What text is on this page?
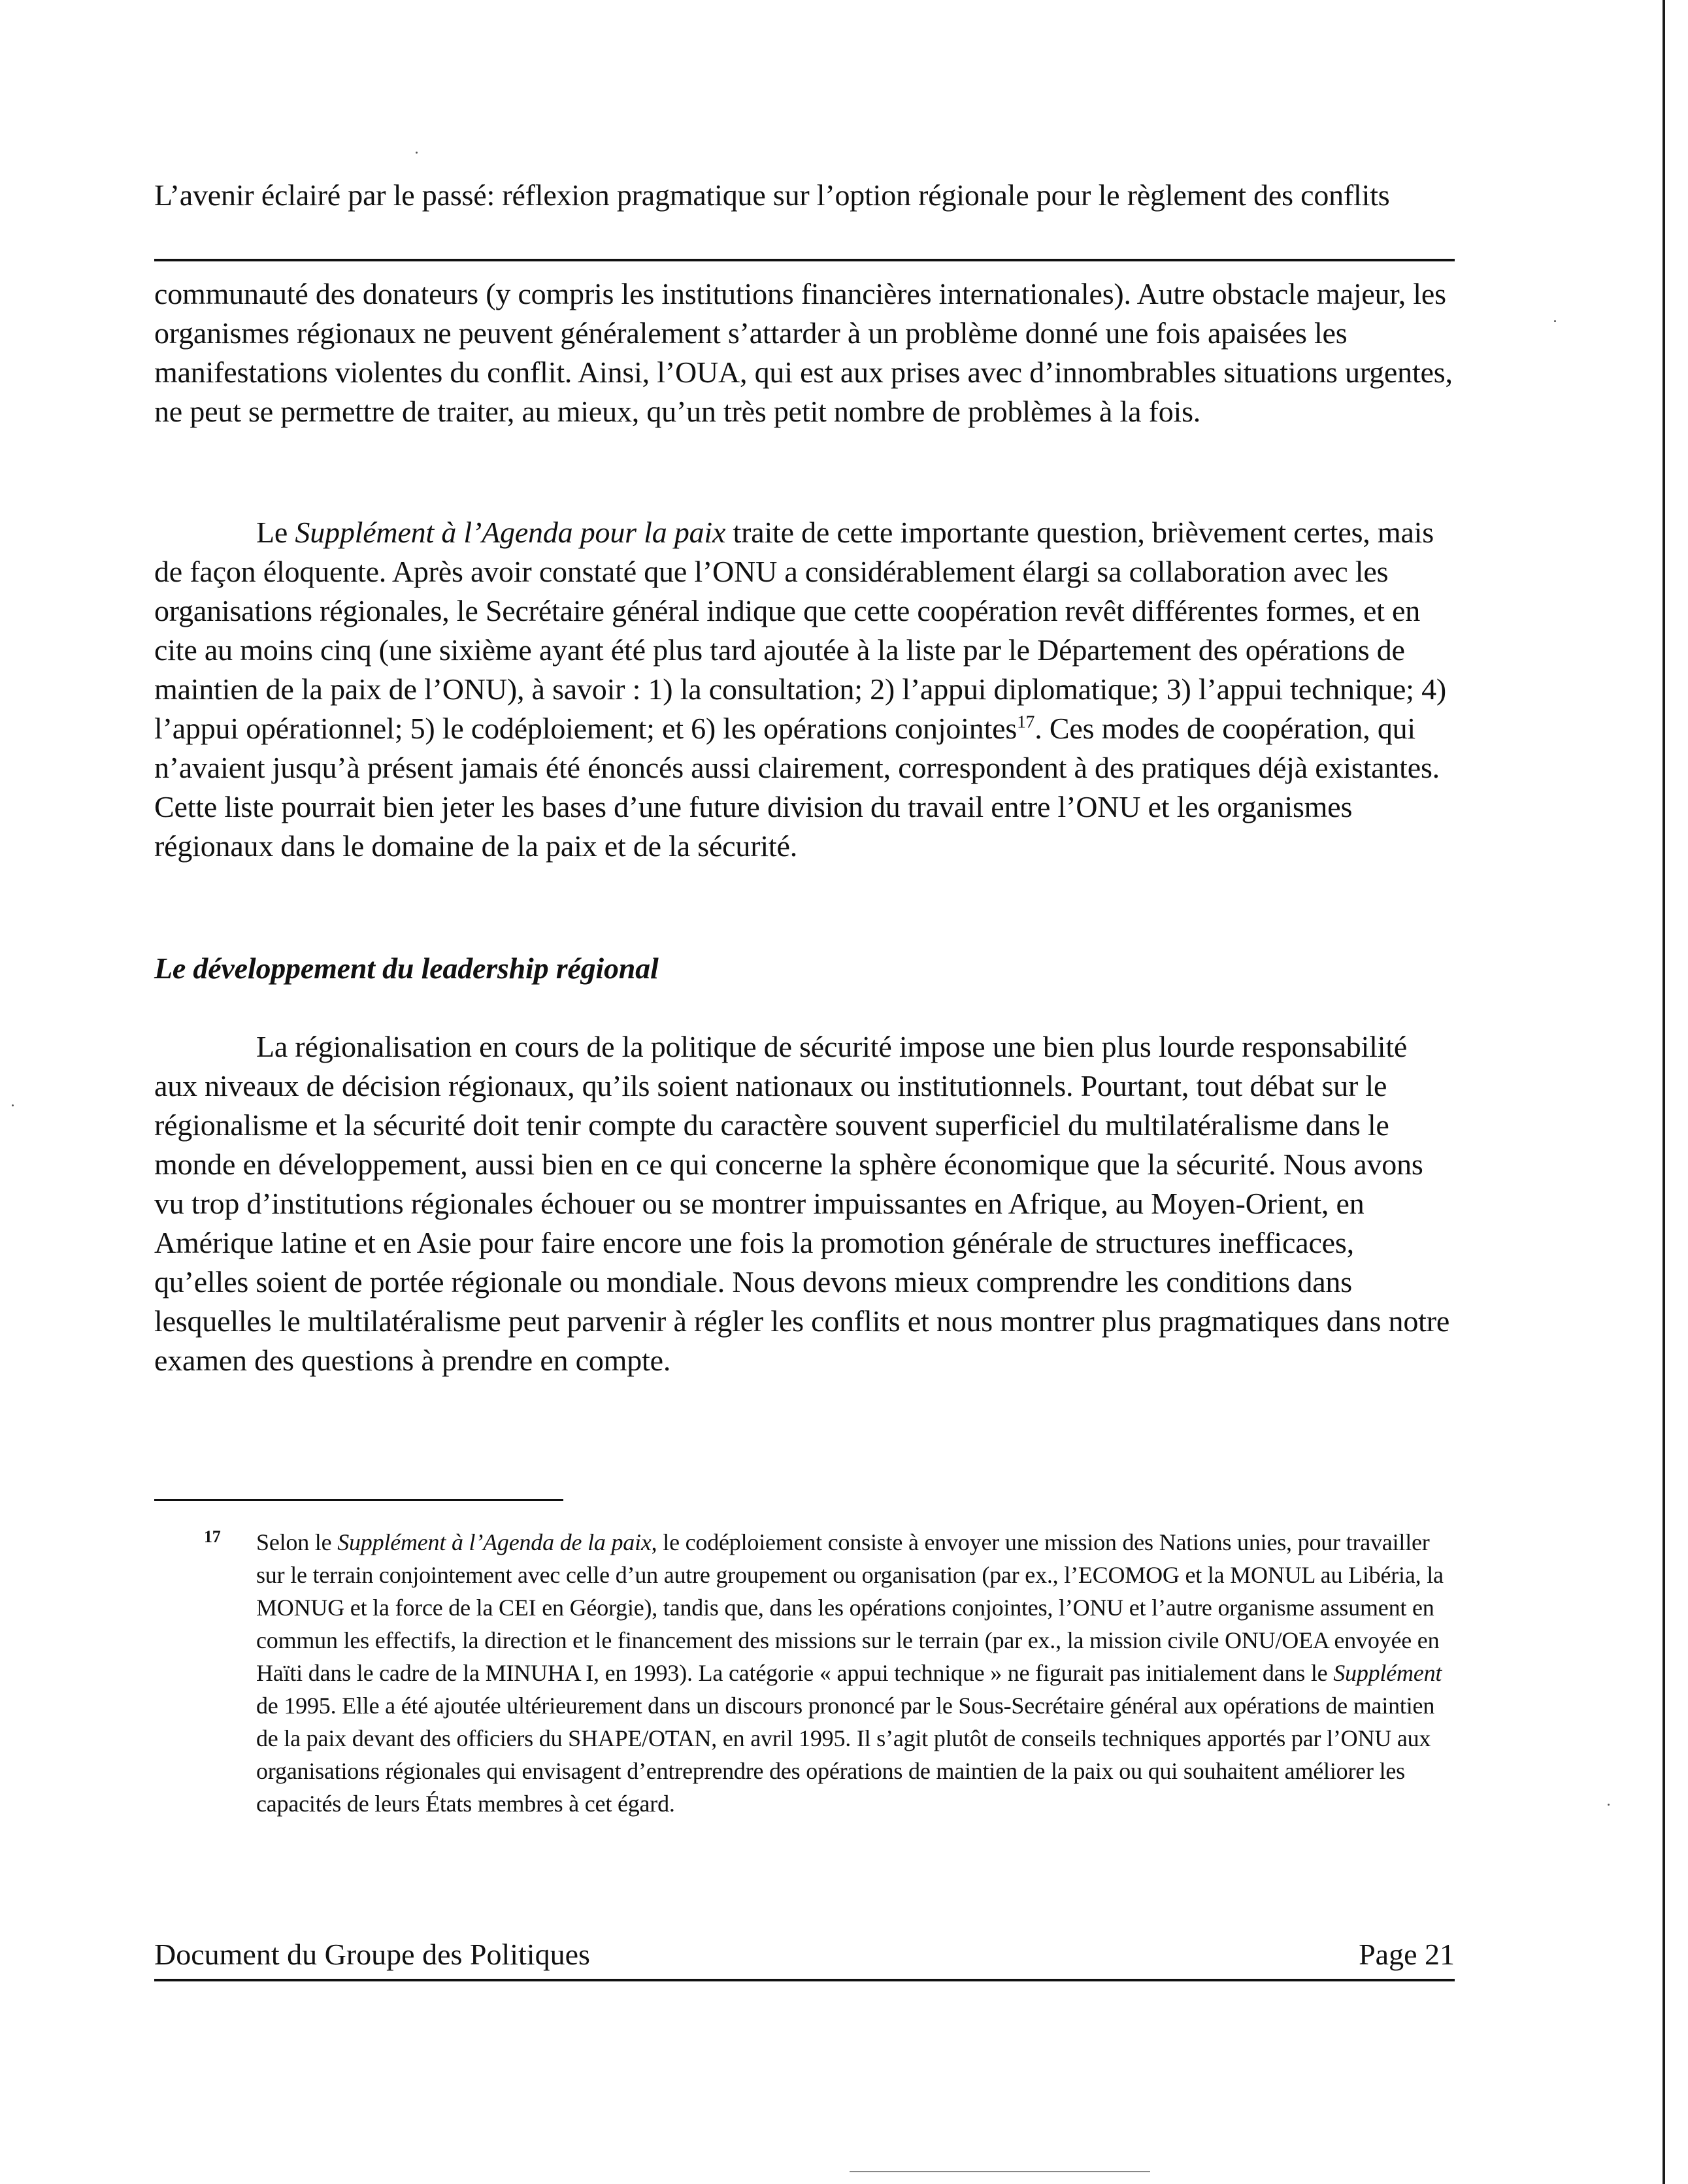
L’avenir éclairé par le passé: réflexion pragmatique sur l’option régionale pour le règlement des conflits

communauté des donateurs (y compris les institutions financières internationales). Autre obstacle majeur, les organismes régionaux ne peuvent généralement s’attarder à un problème donné une fois apaisées les manifestations violentes du conflit. Ainsi, l’OUA, qui est aux prises avec d’innombrables situations urgentes, ne peut se permettre de traiter, au mieux, qu’un très petit nombre de problèmes à la fois.

Le Supplément à l’Agenda pour la paix traite de cette importante question, brièvement certes, mais de façon éloquente. Après avoir constaté que l’ONU a considérablement élargi sa collaboration avec les organisations régionales, le Secrétaire général indique que cette coopération revêt différentes formes, et en cite au moins cinq (une sixième ayant été plus tard ajoutée à la liste par le Département des opérations de maintien de la paix de l’ONU), à savoir : 1) la consultation; 2) l’appui diplomatique; 3) l’appui technique; 4) l’appui opérationnel; 5) le codéploiement; et 6) les opérations conjointes$^{17}$. Ces modes de coopération, qui n’avaient jusqu’à présent jamais été énoncés aussi clairement, correspondent à des pratiques déjà existantes. Cette liste pourrait bien jeter les bases d’une future division du travail entre l’ONU et les organismes régionaux dans le domaine de la paix et de la sécurité.

Le développement du leadership régional

La régionalisation en cours de la politique de sécurité impose une bien plus lourde responsabilité aux niveaux de décision régionaux, qu’ils soient nationaux ou institutionnels. Pourtant, tout débat sur le régionalisme et la sécurité doit tenir compte du caractère souvent superficiel du multilatéralisme dans le monde en développement, aussi bien en ce qui concerne la sphère économique que la sécurité. Nous avons vu trop d’institutions régionales échouer ou se montrer impuissantes en Afrique, au Moyen-Orient, en Amérique latine et en Asie pour faire encore une fois la promotion générale de structures inefficaces, qu’elles soient de portée régionale ou mondiale. Nous devons mieux comprendre les conditions dans lesquelles le multilatéralisme peut parvenir à régler les conflits et nous montrer plus pragmatiques dans notre examen des questions à prendre en compte.

17 Selon le Supplément à l’Agenda de la paix, le codéploiement consiste à envoyer une mission des Nations unies, pour travailler sur le terrain conjointement avec celle d’un autre groupement ou organisation (par ex., l’ECOMOG et la MONUL au Libéria, la MONUG et la force de la CEI en Géorgie), tandis que, dans les opérations conjointes, l’ONU et l’autre organisme assument en commun les effectifs, la direction et le financement des missions sur le terrain (par ex., la mission civile ONU/OEA envoyée en Haïti dans le cadre de la MINUHA I, en 1993). La catégorie « appui technique » ne figurait pas initialement dans le Supplément de 1995. Elle a été ajoutée ultérieurement dans un discours prononcé par le Sous-Secrétaire général aux opérations de maintien de la paix devant des officiers du SHAPE/OTAN, en avril 1995. Il s’agit plutôt de conseils techniques apportés par l’ONU aux organisations régionales qui envisagent d’entreprendre des opérations de maintien de la paix ou qui souhaitent améliorer les capacités de leurs États membres à cet égard.
Document du Groupe des Politiques	Page 21
